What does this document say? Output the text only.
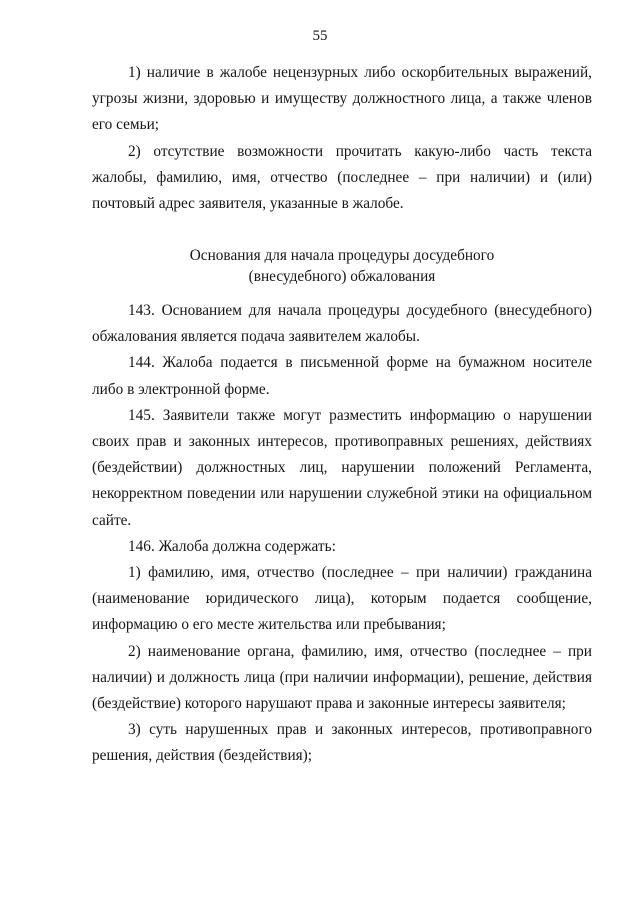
55

1) наличие в жалобе нецензурных либо оскорбительных выражений, угрозы жизни, здоровью и имуществу должностного лица, а также членов его семьи;

2) отсутствие возможности прочитать какую-либо часть текста жалобы, фамилию, имя, отчество (последнее – при наличии) и (или) почтовый адрес заявителя, указанные в жалобе.

Основания для начала процедуры досудебного
(внесудебного) обжалования

143. Основанием для начала процедуры досудебного (внесудебного) обжалования является подача заявителем жалобы.

144. Жалоба подается в письменной форме на бумажном носителе либо в электронной форме.

145. Заявители также могут разместить информацию о нарушении своих прав и законных интересов, противоправных решениях, действиях (бездействии) должностных лиц, нарушении положений Регламента, некорректном поведении или нарушении служебной этики на официальном сайте.

146. Жалоба должна содержать:

1) фамилию, имя, отчество (последнее – при наличии) гражданина (наименование юридического лица), которым подается сообщение, информацию о его месте жительства или пребывания;

2) наименование органа, фамилию, имя, отчество (последнее – при наличии) и должность лица (при наличии информации), решение, действия (бездействие) которого нарушают права и законные интересы заявителя;

3) суть нарушенных прав и законных интересов, противоправного решения, действия (бездействия);
